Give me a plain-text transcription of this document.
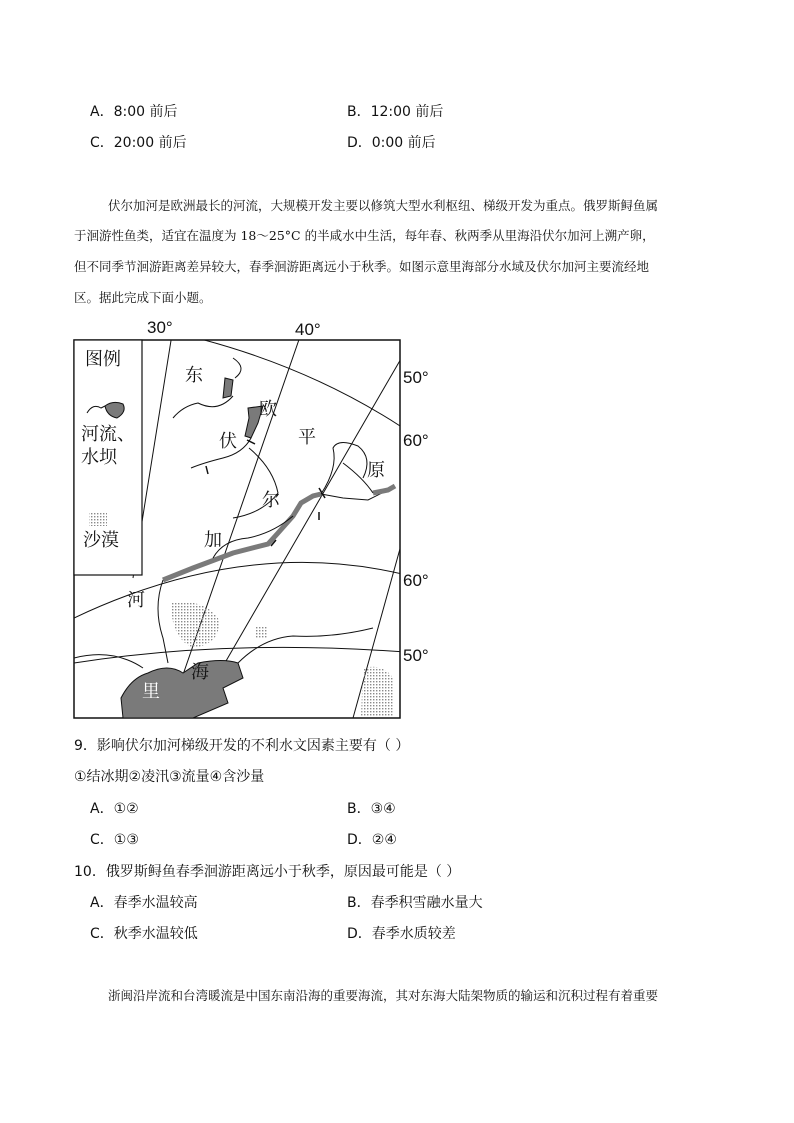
A．8:00 前后	B．12:00 前后
C．20:00 前后	D．0:00 前后
伏尔加河是欧洲最长的河流，大规模开发主要以修筑大型水利枢纽、梯级开发为重点。俄罗斯鲟鱼属
于洄游性鱼类，适宜在温度为 18～25°C 的半咸水中生活，每年春、秋两季从里海沿伏尔加河上溯产卵，
但不同季节洄游距离差异较大，春季洄游距离远小于秋季。如图示意里海部分水域及伏尔加河主要流经地
区。据此完成下面小题。
30°	40°
50°
60°
60°
50°
图例
河流、
水坝
沙漠
东
欧
平
原
伏
尔
加
河
里
海
9．影响伏尔加河梯级开发的不利水文因素主要有（ ）
①结冰期②凌汛③流量④含沙量
A．①②	B．③④
C．①③	D．②④
10．俄罗斯鲟鱼春季洄游距离远小于秋季，原因最可能是（ ）
A．春季水温较高	B．春季积雪融水量大
C．秋季水温较低	D．春季水质较差
浙闽沿岸流和台湾暖流是中国东南沿海的重要海流，其对东海大陆架物质的输运和沉积过程有着重要
